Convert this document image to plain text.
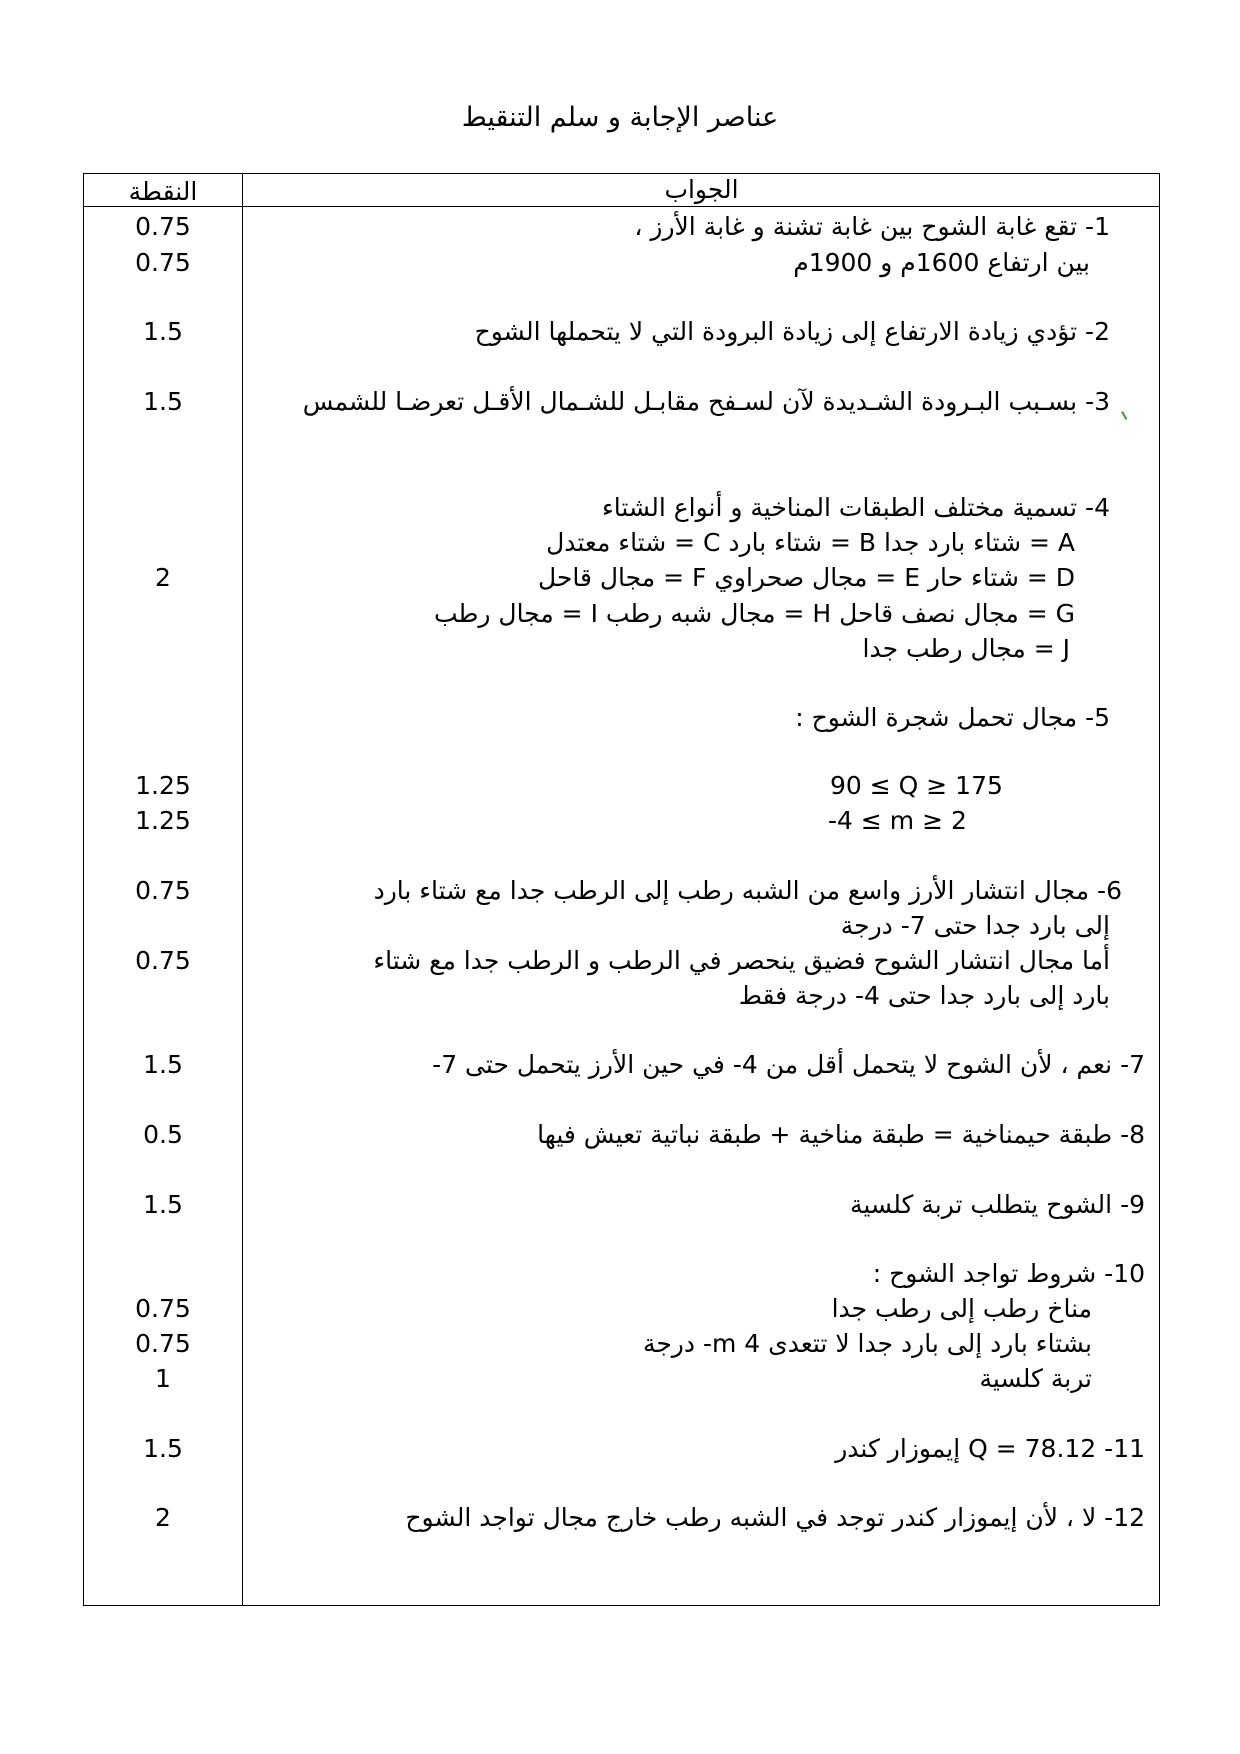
عناصر الإجابة و سلم التنقيط
الجواب
النقطة
1- تقع غابة الشوح بين غابة تشنة و غابة الأرز ،
بين ارتفاع 1600م و 1900م
0.75
0.75
2- تؤدي زيادة الارتفاع إلى زيادة البرودة التي لا يتحملها الشوح
1.5
3- بسـبب البـرودة الشـديدة لآن لسـفح مقابـل للشـمال الأقـل تعرضـا للشمس
1.5
4- تسمية مختلف الطبقات المناخية و أنواع الشتاء
A = شتاء بارد جدا B = شتاء بارد C = شتاء معتدل
D = شتاء حار E = مجال صحراوي F = مجال قاحل
G = مجال نصف قاحل H = مجال شبه رطب I = مجال رطب
J = مجال رطب جدا
2
5- مجال تحمل شجرة الشوح :
90 ≤ Q ≥ 175
-4 ≤ m ≥ 2
1.25
1.25
6- مجال انتشار الأرز واسع من الشبه رطب إلى الرطب جدا مع شتاء بارد
إلى بارد جدا حتى 7- درجة
أما مجال انتشار الشوح فضيق ينحصر في الرطب و الرطب جدا مع شتاء
بارد إلى بارد جدا حتى 4- درجة فقط
0.75
0.75
7- نعم ، لأن الشوح لا يتحمل أقل من 4- في حين الأرز يتحمل حتى 7-
1.5
8- طبقة حيمناخية = طبقة مناخية + طبقة نباتية تعيش فيها
0.5
9- الشوح يتطلب تربة كلسية
1.5
10- شروط تواجد الشوح :
مناخ رطب إلى رطب جدا
بشتاء بارد إلى بارد جدا لا تتعدى m 4- درجة
تربة كلسية
0.75
0.75
1
11- Q = 78.12 إيموزار كندر
1.5
12- لا ، لأن إيموزار كندر توجد في الشبه رطب خارج مجال تواجد الشوح
2
